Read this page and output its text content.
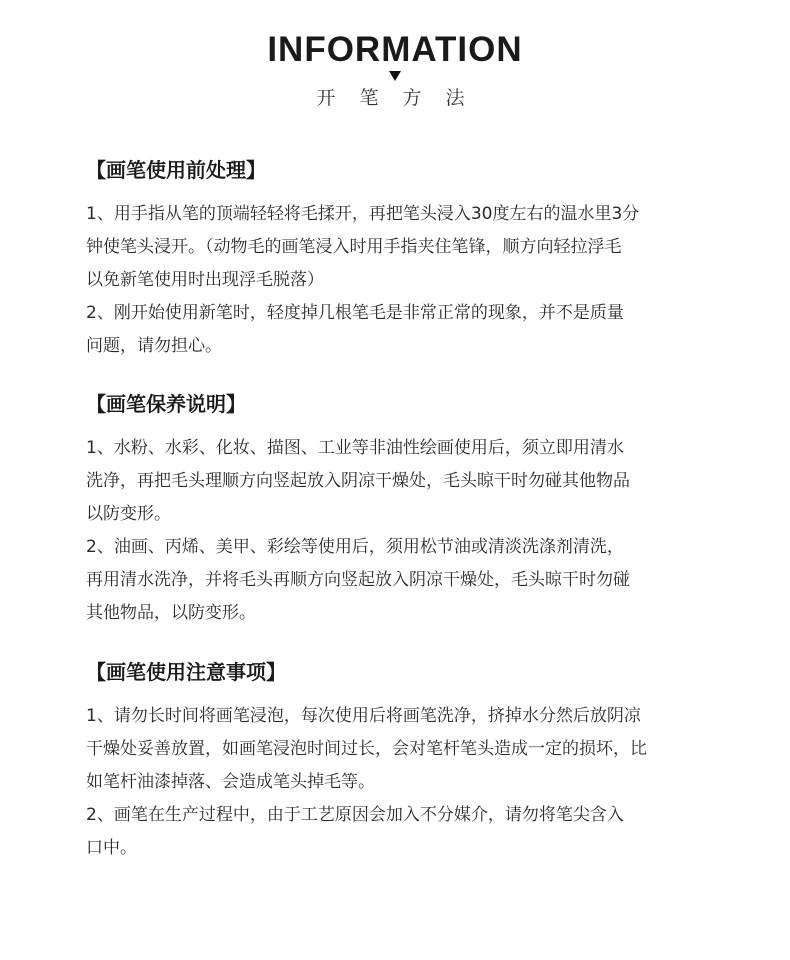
INFORMATION
开 笔 方 法
【画笔使用前处理】
1、用手指从笔的顶端轻轻将毛揉开，再把笔头浸入30度左右的温水里3分
钟使笔头浸开。（动物毛的画笔浸入时用手指夹住笔锋，顺方向轻拉浮毛
以免新笔使用时出现浮毛脱落）
2、刚开始使用新笔时，轻度掉几根笔毛是非常正常的现象，并不是质量
问题，请勿担心。
【画笔保养说明】
1、水粉、水彩、化妆、描图、工业等非油性绘画使用后，须立即用清水
洗净，再把毛头理顺方向竖起放入阴凉干燥处，毛头晾干时勿碰其他物品
以防变形。
2、油画、丙烯、美甲、彩绘等使用后，须用松节油或清淡洗涤剂清洗，
再用清水洗净，并将毛头再顺方向竖起放入阴凉干燥处，毛头晾干时勿碰
其他物品，以防变形。
【画笔使用注意事项】
1、请勿长时间将画笔浸泡，每次使用后将画笔洗净，挤掉水分然后放阴凉
干燥处妥善放置，如画笔浸泡时间过长，会对笔杆笔头造成一定的损坏，比
如笔杆油漆掉落、会造成笔头掉毛等。
2、画笔在生产过程中，由于工艺原因会加入不分媒介，请勿将笔尖含入
口中。
